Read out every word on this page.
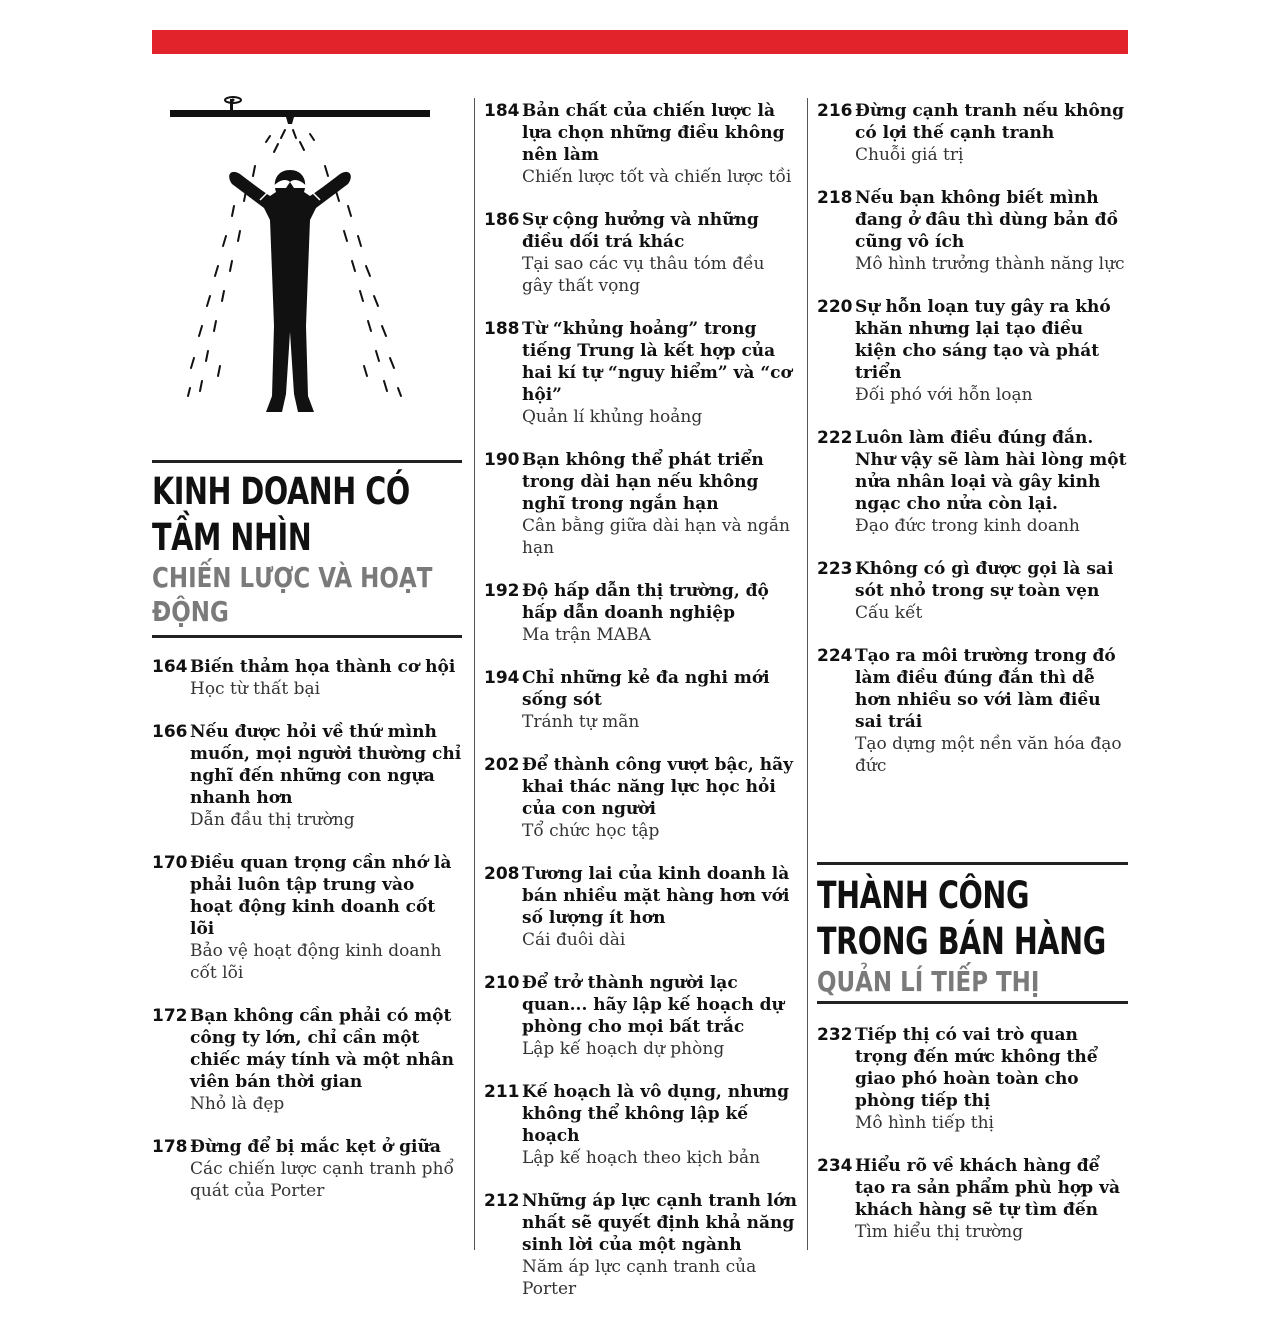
KINH DOANH CÓ
TẦM NHÌN
CHIẾN LƯỢC VÀ HOẠT
ĐỘNG
164 Biến thảm họa thành cơ hội
Học từ thất bại
166 Nếu được hỏi về thứ mình muốn, mọi người thường chỉ nghĩ đến những con ngựa nhanh hơn
Dẫn đầu thị trường
170 Điều quan trọng cần nhớ là phải luôn tập trung vào hoạt động kinh doanh cốt lõi
Bảo vệ hoạt động kinh doanh cốt lõi
172 Bạn không cần phải có một công ty lớn, chỉ cần một chiếc máy tính và một nhân viên bán thời gian
Nhỏ là đẹp
178 Đừng để bị mắc kẹt ở giữa
Các chiến lược cạnh tranh phổ quát của Porter
184 Bản chất của chiến lược là lựa chọn những điều không nên làm
Chiến lược tốt và chiến lược tồi
186 Sự cộng hưởng và những điều dối trá khác
Tại sao các vụ thâu tóm đều gây thất vọng
188 Từ “khủng hoảng” trong tiếng Trung là kết hợp của hai kí tự “nguy hiểm” và “cơ hội”
Quản lí khủng hoảng
190 Bạn không thể phát triển trong dài hạn nếu không nghĩ trong ngắn hạn
Cân bằng giữa dài hạn và ngắn hạn
192 Độ hấp dẫn thị trường, độ hấp dẫn doanh nghiệp
Ma trận MABA
194 Chỉ những kẻ đa nghi mới sống sót
Tránh tự mãn
202 Để thành công vượt bậc, hãy khai thác năng lực học hỏi của con người
Tổ chức học tập
208 Tương lai của kinh doanh là bán nhiều mặt hàng hơn với số lượng ít hơn
Cái đuôi dài
210 Để trở thành người lạc quan... hãy lập kế hoạch dự phòng cho mọi bất trắc
Lập kế hoạch dự phòng
211 Kế hoạch là vô dụng, nhưng không thể không lập kế hoạch
Lập kế hoạch theo kịch bản
212 Những áp lực cạnh tranh lớn nhất sẽ quyết định khả năng sinh lời của một ngành
Năm áp lực cạnh tranh của Porter
216 Đừng cạnh tranh nếu không có lợi thế cạnh tranh
Chuỗi giá trị
218 Nếu bạn không biết mình đang ở đâu thì dùng bản đồ cũng vô ích
Mô hình trưởng thành năng lực
220 Sự hỗn loạn tuy gây ra khó khăn nhưng lại tạo điều kiện cho sáng tạo và phát triển
Đối phó với hỗn loạn
222 Luôn làm điều đúng đắn. Như vậy sẽ làm hài lòng một nửa nhân loại và gây kinh ngạc cho nửa còn lại.
Đạo đức trong kinh doanh
223 Không có gì được gọi là sai sót nhỏ trong sự toàn vẹn
Cấu kết
224 Tạo ra môi trường trong đó làm điều đúng đắn thì dễ hơn nhiều so với làm điều sai trái
Tạo dựng một nền văn hóa đạo đức
THÀNH CÔNG
TRONG BÁN HÀNG
QUẢN LÍ TIẾP THỊ
232 Tiếp thị có vai trò quan trọng đến mức không thể giao phó hoàn toàn cho phòng tiếp thị
Mô hình tiếp thị
234 Hiểu rõ về khách hàng để tạo ra sản phẩm phù hợp và khách hàng sẽ tự tìm đến
Tìm hiểu thị trường
